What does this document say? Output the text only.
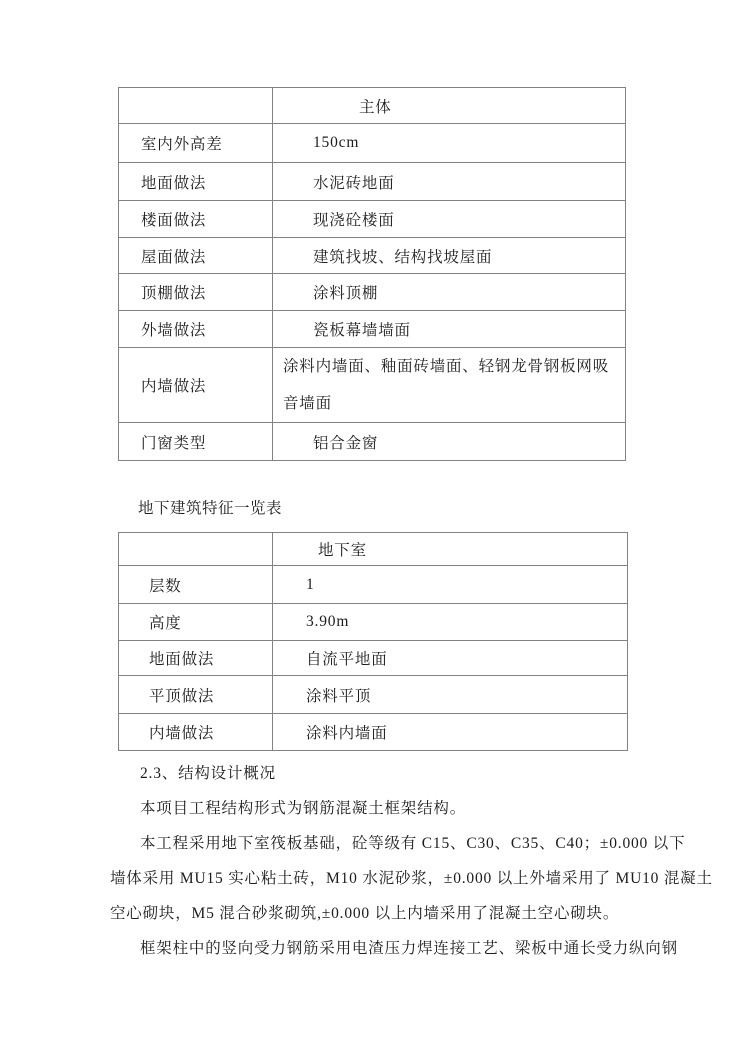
	主体
室内外高差	150cm
地面做法	水泥砖地面
楼面做法	现浇砼楼面
屋面做法	建筑找坡、结构找坡屋面
顶棚做法	涂料顶棚
外墙做法	瓷板幕墙墙面
内墙做法	涂料内墙面、釉面砖墙面、轻钢龙骨钢板网吸音墙面
门窗类型	铝合金窗
地下建筑特征一览表
	地下室
层数	1
高度	3.90m
地面做法	自流平地面
平顶做法	涂料平顶
内墙做法	涂料内墙面
2.3、结构设计概况
本项目工程结构形式为钢筋混凝土框架结构。
本工程采用地下室筏板基础，砼等级有 C15、C30、C35、C40；±0.000 以下
墙体采用 MU15 实心粘土砖，M10 水泥砂浆，±0.000 以上外墙采用了 MU10 混凝土
空心砌块，M5 混合砂浆砌筑,±0.000 以上内墙采用了混凝土空心砌块。
框架柱中的竖向受力钢筋采用电渣压力焊连接工艺、梁板中通长受力纵向钢
